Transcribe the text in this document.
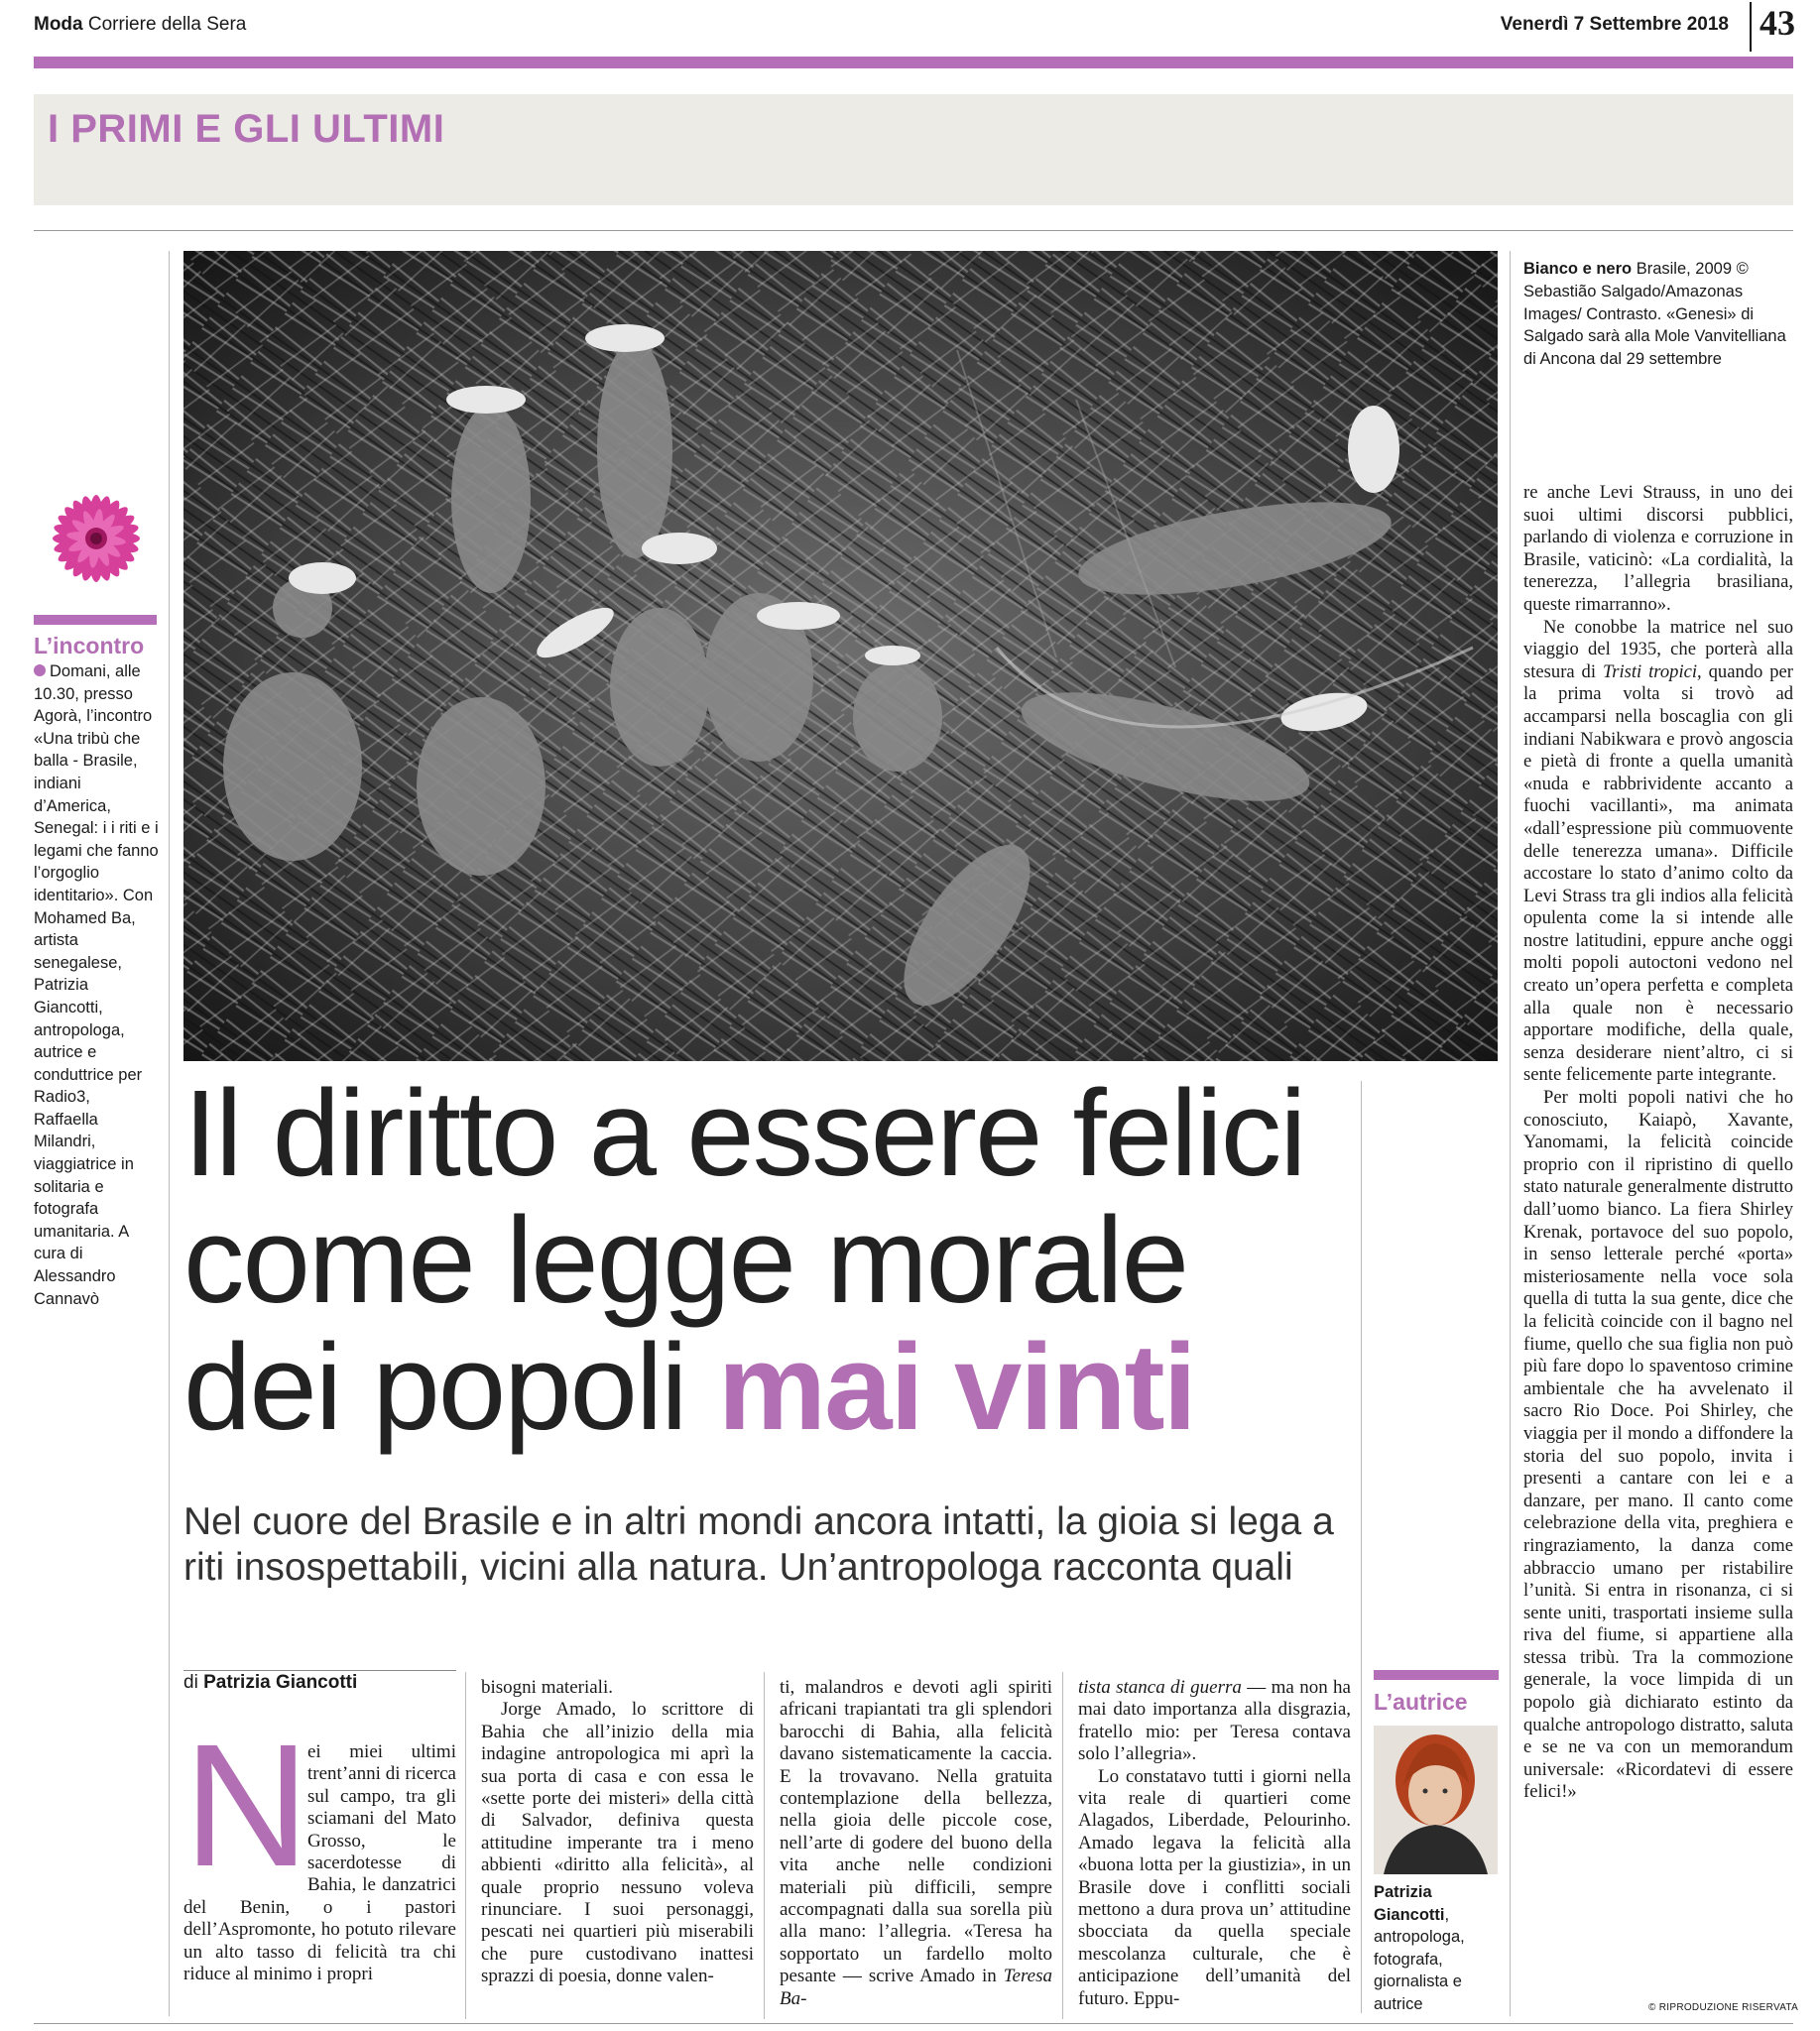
Moda Corriere della Sera	Venerdì 7 Settembre 2018 43
I PRIMI E GLI ULTIMI
L’incontro
Domani, alle 10.30, presso Agorà, l’incontro «Una tribù che balla - Brasile, indiani d’America, Senegal: i i riti e i legami che fanno l’orgoglio identitario». Con Mohamed Ba, artista senegalese, Patrizia Giancotti, antropologa, autrice e conduttrice per Radio3, Raffaella Milandri, viaggiatrice in solitaria e fotografa umanitaria. A cura di Alessandro Cannavò
Bianco e nero Brasile, 2009 © Sebastião Salgado/Amazonas Images/ Contrasto. «Genesi» di Salgado sarà alla Mole Vanvitelliana di Ancona dal 29 settembre
Il diritto a essere felici
come legge morale
dei popoli mai vinti
Nel cuore del Brasile e in altri mondi ancora intatti, la gioia si lega a riti insospettabili, vicini alla natura. Un’antropologa racconta quali
di Patrizia Giancotti
N

ei miei ultimi trent’anni di ricerca sul campo, tra gli sciamani del Mato Grosso, le sacerdotesse di Bahia, le danzatrici del Benin, o i pastori dell’Aspromonte, ho potuto rilevare un alto tasso di felicità tra chi riduce al minimo i propri

bisogni materiali.

Jorge Amado, lo scrittore di Bahia che all’inizio della mia indagine antropologica mi aprì la sua porta di casa e con essa le «sette porte dei misteri» della città di Salvador, definiva questa attitudine imperante tra i meno abbienti «diritto alla felicità», al quale proprio nessuno voleva rinunciare. I suoi personaggi, pescati nei quartieri più miserabili che pure custodivano inattesi sprazzi di poesia, donne valen-

ti, malandros e devoti agli spiriti africani trapiantati tra gli splendori barocchi di Bahia, alla felicità davano sistematicamente la caccia. E la trovavano. Nella gratuita contemplazione della bellezza, nella gioia delle piccole cose, nell’arte di godere del buono della vita anche nelle condizioni materiali più difficili, sempre accompagnati dalla sua sorella più alla mano: l’allegria. «Teresa ha sopportato un fardello molto pesante — scrive Amado in Teresa Ba-

tista stanca di guerra — ma non ha mai dato importanza alla disgrazia, fratello mio: per Teresa contava solo l’allegria».

Lo constatavo tutti i giorni nella vita reale di quartieri come Alagados, Liberdade, Pelourinho. Amado legava la felicità alla «buona lotta per la giustizia», in un Brasile dove i conflitti sociali mettono a dura prova un’ attitudine sbocciata da quella speciale mescolanza culturale, che è anticipazione dell’umanità del futuro. Eppu-

re anche Levi Strauss, in uno dei suoi ultimi discorsi pubblici, parlando di violenza e corruzione in Brasile, vaticinò: «La cordialità, la tenerezza, l’allegria brasiliana, queste rimarranno».

Ne conobbe la matrice nel suo viaggio del 1935, che porterà alla stesura di Tristi tropici, quando per la prima volta si trovò ad accamparsi nella boscaglia con gli indiani Nabikwara e provò angoscia e pietà di fronte a quella umanità «nuda e rabbrividente accanto a fuochi vacillanti», ma animata «dall’espressione più commuovente delle tenerezza umana». Difficile accostare lo stato d’animo colto da Levi Strass tra gli indios alla felicità opulenta come la si intende alle nostre latitudini, eppure anche oggi molti popoli autoctoni vedono nel creato un’opera perfetta e completa alla quale non è necessario apportare modifiche, della quale, senza desiderare nient’altro, ci si sente felicemente parte integrante.

Per molti popoli nativi che ho conosciuto, Kaiapò, Xavante, Yanomami, la felicità coincide proprio con il ripristino di quello stato naturale generalmente distrutto dall’uomo bianco. La fiera Shirley Krenak, portavoce del suo popolo, in senso letterale perché «porta» misteriosamente nella voce sola quella di tutta la sua gente, dice che la felicità coincide con il bagno nel fiume, quello che sua figlia non può più fare dopo lo spaventoso crimine ambientale che ha avvelenato il sacro Rio Doce. Poi Shirley, che viaggia per il mondo a diffondere la storia del suo popolo, invita i presenti a cantare con lei e a danzare, per mano. Il canto come celebrazione della vita, preghiera e ringraziamento, la danza come abbraccio umano per ristabilire l’unità. Si entra in risonanza, ci si sente uniti, trasportati insieme sulla riva del fiume, si appartiene alla stessa tribù. Tra la commozione generale, la voce limpida di un popolo già dichiarato estinto da qualche antropologo distratto, saluta e se ne va con un memorandum universale: «Ricordatevi di essere felici!»

L’autrice
Patrizia
Giancotti, antropologa, fotografa, giornalista e autrice	© RIPRODUZIONE RISERVATA
